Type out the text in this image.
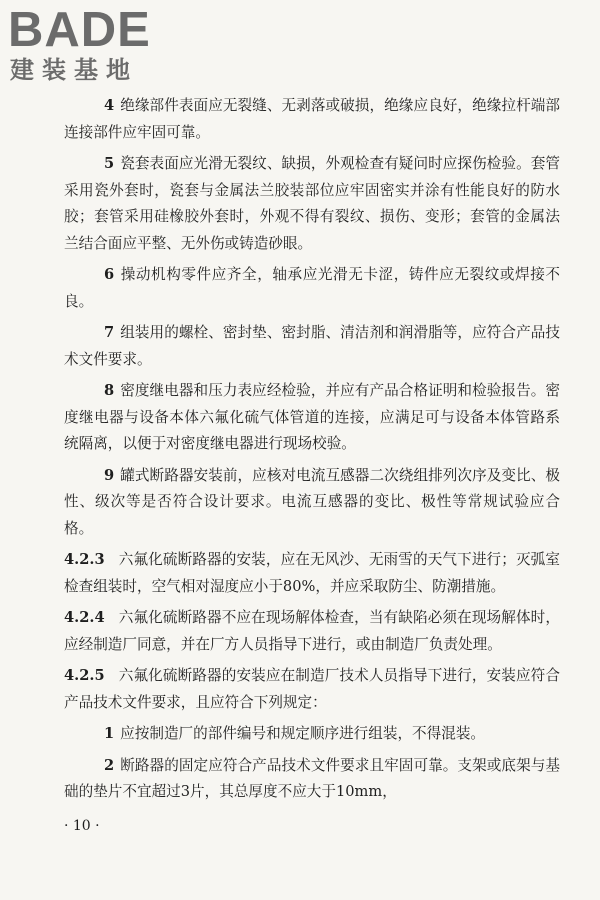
BADE
建装基地

4 绝缘部件表面应无裂缝、无剥落或破损，绝缘应良好，绝缘拉杆端部连接部件应牢固可靠。

5 瓷套表面应光滑无裂纹、缺损，外观检查有疑问时应探伤检验。套管采用瓷外套时，瓷套与金属法兰胶装部位应牢固密实并涂有性能良好的防水胶；套管采用硅橡胶外套时，外观不得有裂纹、损伤、变形；套管的金属法兰结合面应平整、无外伤或铸造砂眼。

6 操动机构零件应齐全，轴承应光滑无卡涩，铸件应无裂纹或焊接不良。

7 组装用的螺栓、密封垫、密封脂、清洁剂和润滑脂等，应符合产品技术文件要求。

8 密度继电器和压力表应经检验，并应有产品合格证明和检验报告。密度继电器与设备本体六氟化硫气体管道的连接，应满足可与设备本体管路系统隔离，以便于对密度继电器进行现场校验。

9 罐式断路器安装前，应核对电流互感器二次绕组排列次序及变比、极性、级次等是否符合设计要求。电流互感器的变比、极性等常规试验应合格。

4.2.3 六氟化硫断路器的安装，应在无风沙、无雨雪的天气下进行；灭弧室检查组装时，空气相对湿度应小于80%，并应采取防尘、防潮措施。

4.2.4 六氟化硫断路器不应在现场解体检查，当有缺陷必须在现场解体时，应经制造厂同意，并在厂方人员指导下进行，或由制造厂负责处理。

4.2.5 六氟化硫断路器的安装应在制造厂技术人员指导下进行，安装应符合产品技术文件要求，且应符合下列规定：

1 应按制造厂的部件编号和规定顺序进行组装，不得混装。

2 断路器的固定应符合产品技术文件要求且牢固可靠。支架或底架与基础的垫片不宜超过3片，其总厚度不应大于10mm，

· 10 ·
